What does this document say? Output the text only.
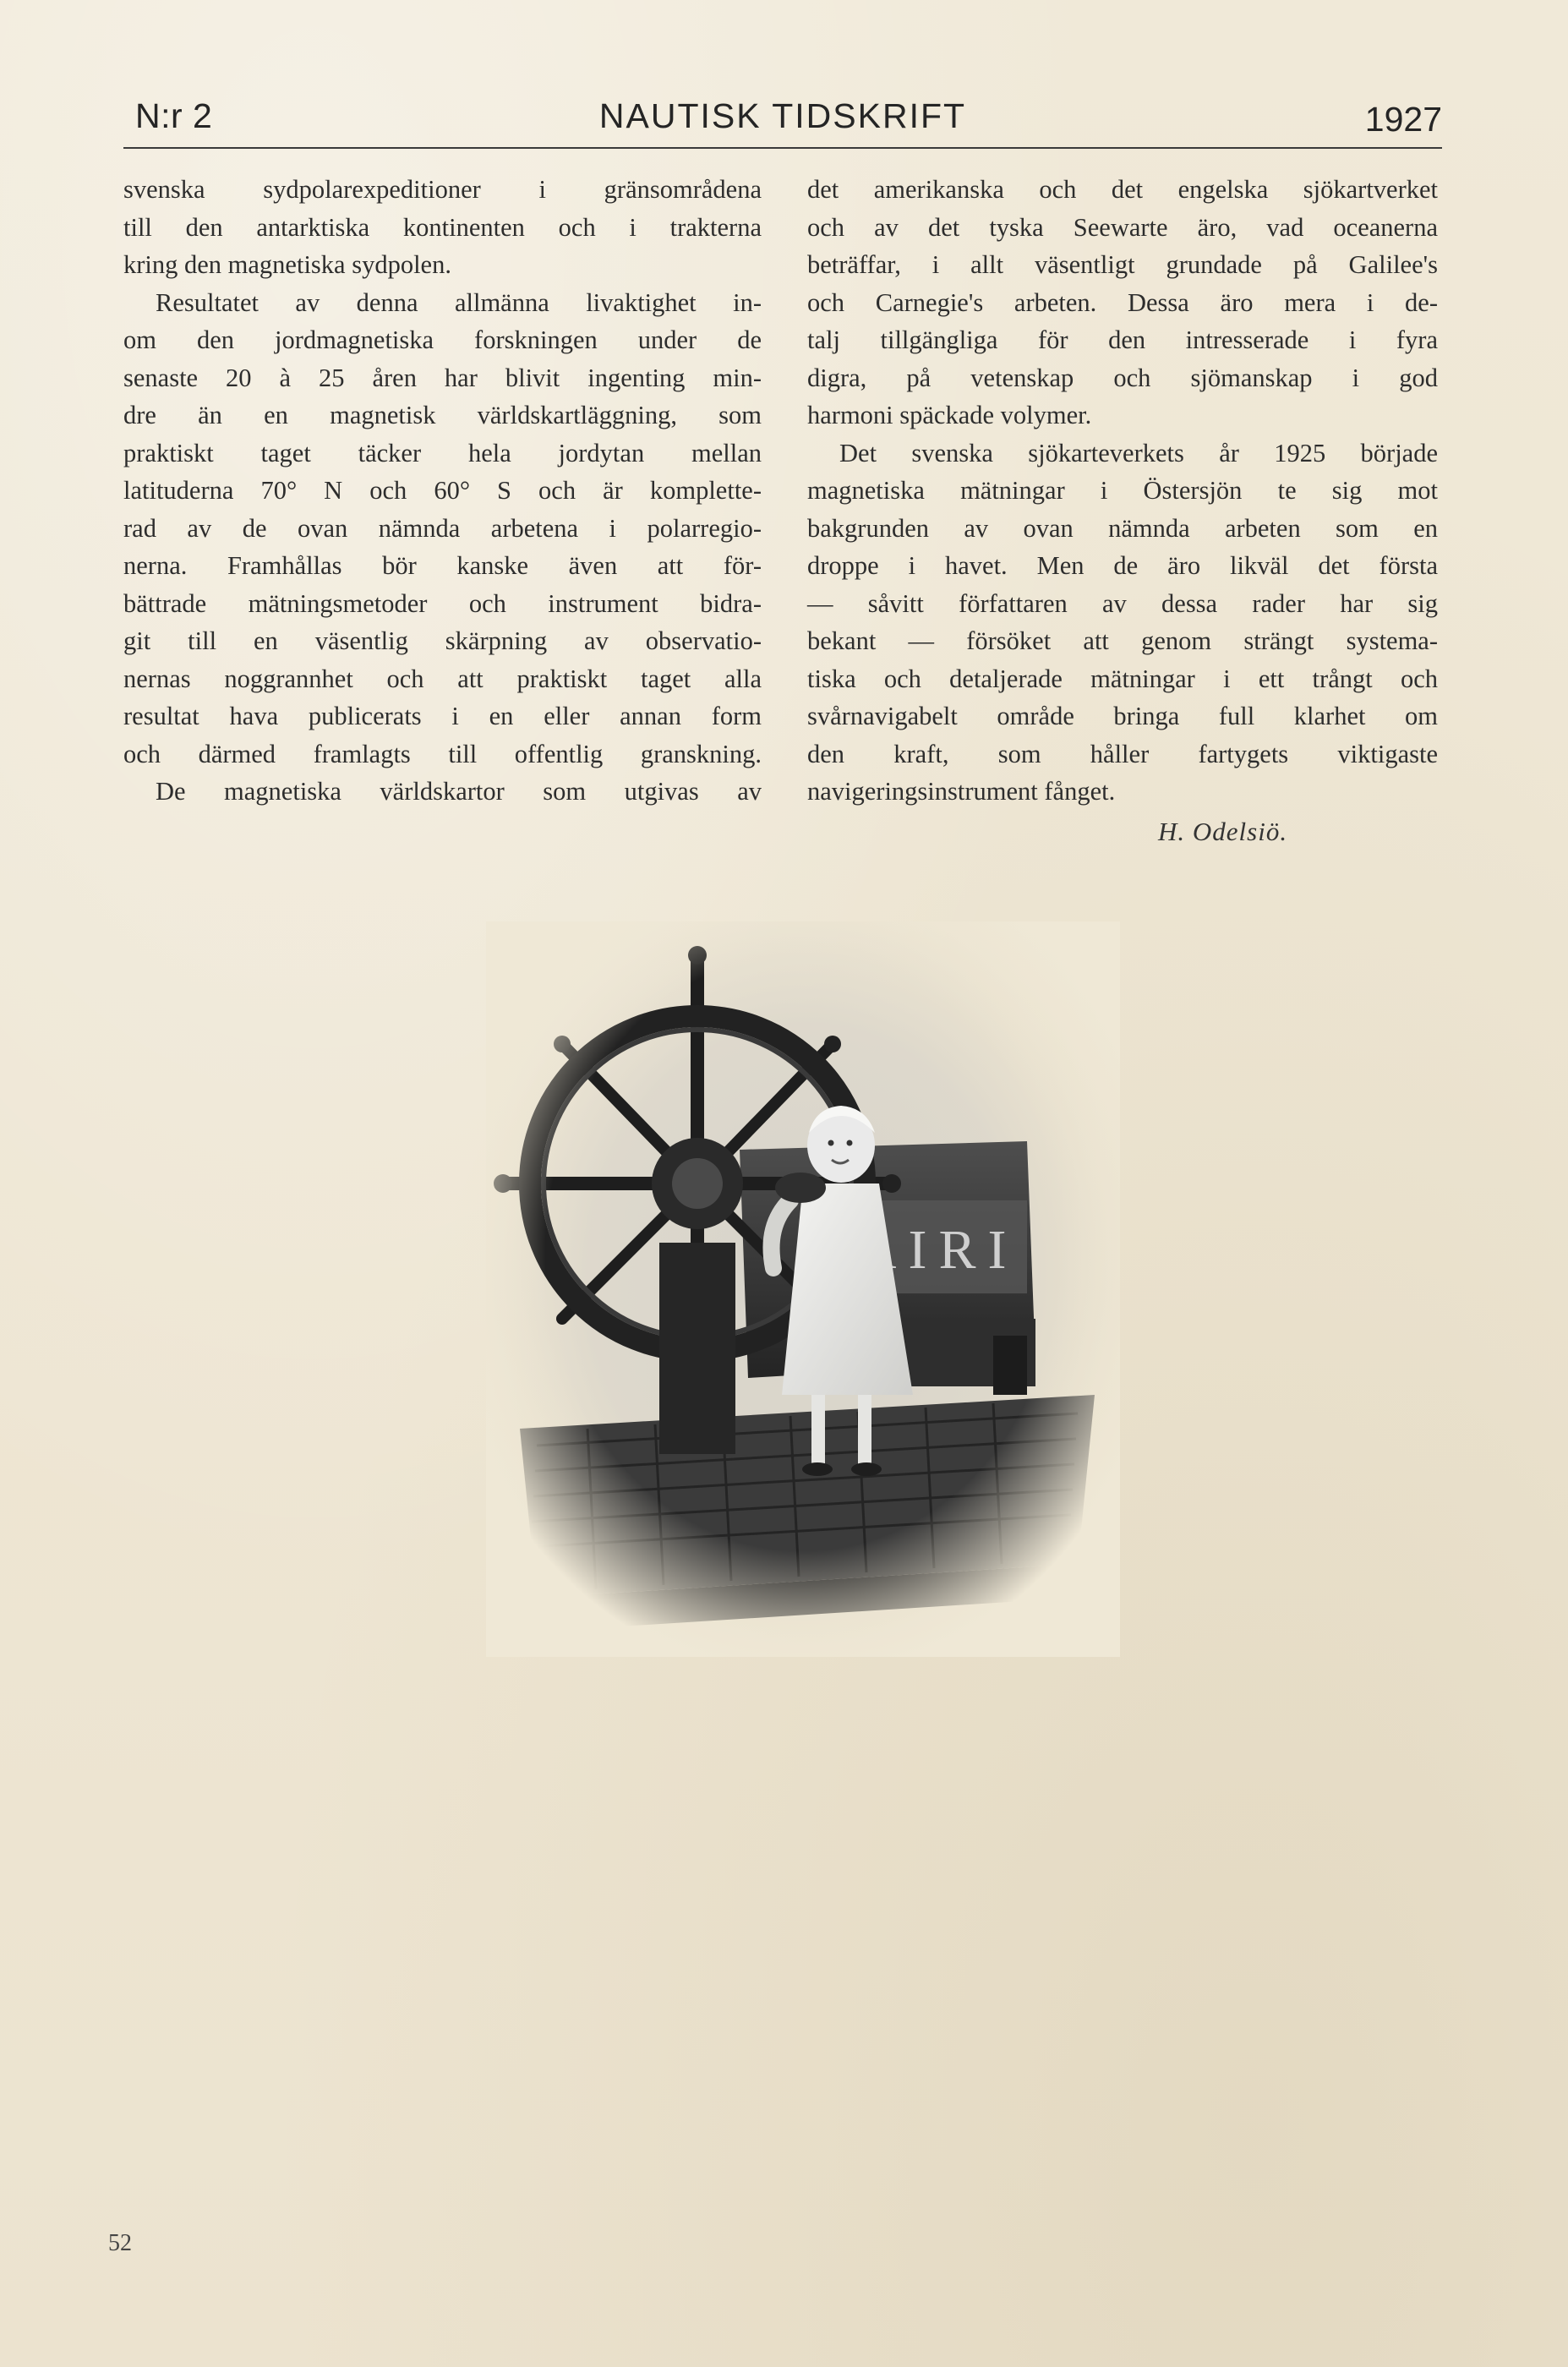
N:r 2	NAUTISK TIDSKRIFT	1927
svenska sydpolarexpeditioner i gränsområdena
till den antarktiska kontinenten och i trakterna
kring den magnetiska sydpolen.
Resultatet av denna allmänna livaktighet in-
om den jordmagnetiska forskningen under de
senaste 20 à 25 åren har blivit ingenting min-
dre än en magnetisk världskartläggning, som
praktiskt taget täcker hela jordytan mellan
latituderna 70° N och 60° S och är komplette-
rad av de ovan nämnda arbetena i polarregio-
nerna. Framhållas bör kanske även att för-
bättrade mätningsmetoder och instrument bidra-
git till en väsentlig skärpning av observatio-
nernas noggrannhet och att praktiskt taget alla
resultat hava publicerats i en eller annan form
och därmed framlagts till offentlig granskning.
De magnetiska världskartor som utgivas av
det amerikanska och det engelska sjökartverket
och av det tyska Seewarte äro, vad oceanerna
beträffar, i allt väsentligt grundade på Galilee's
och Carnegie's arbeten. Dessa äro mera i de-
talj tillgängliga för den intresserade i fyra
digra, på vetenskap och sjömanskap i god
harmoni späckade volymer.
Det svenska sjökarteverkets år 1925 började
magnetiska mätningar i Östersjön te sig mot
bakgrunden av ovan nämnda arbeten som en
droppe i havet. Men de äro likväl det första
— såvitt författaren av dessa rader har sig
bekant — försöket att genom strängt systema-
tiska och detaljerade mätningar i ett trångt och
svårnavigabelt område bringa full klarhet om
den kraft, som håller fartygets viktigaste
navigeringsinstrument fånget.
H. Odelsiö.
52
